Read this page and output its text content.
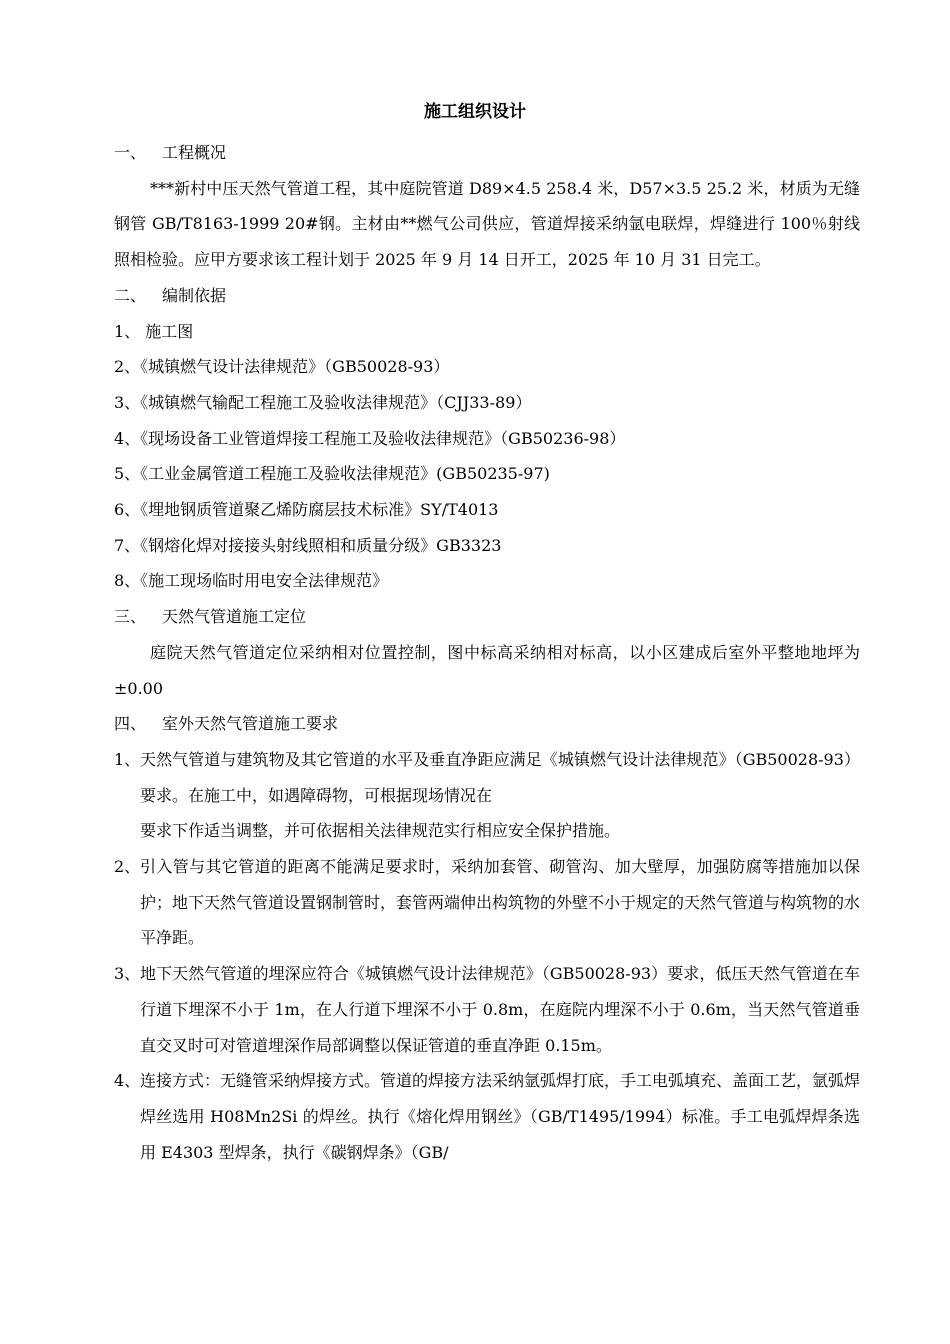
施工组织设计
一、 工程概况
***新村中压天然气管道工程，其中庭院管道 D89×4.5 258.4 米，D57×3.5 25.2 米，材质为无缝钢管 GB/T8163-1999 20#钢。主材由**燃气公司供应，管道焊接采纳氩电联焊，焊缝进行 100％射线照相检验。应甲方要求该工程计划于 2025 年 9 月 14 日开工，2025 年 10 月 31 日完工。
二、 编制依据
1、 施工图
2、《城镇燃气设计法律规范》（GB50028-93）
3、《城镇燃气输配工程施工及验收法律规范》（CJJ33-89）
4、《现场设备工业管道焊接工程施工及验收法律规范》（GB50236-98）
5、《工业金属管道工程施工及验收法律规范》(GB50235-97)
6、《埋地钢质管道聚乙烯防腐层技术标准》SY/T4013
7、《钢熔化焊对接接头射线照相和质量分级》GB3323
8、《施工现场临时用电安全法律规范》
三、 天然气管道施工定位
庭院天然气管道定位采纳相对位置控制，图中标高采纳相对标高，以小区建成后室外平整地地坪为±0.00
四、 室外天然气管道施工要求
1、 天然气管道与建筑物及其它管道的水平及垂直净距应满足《城镇燃气设计法律规范》（GB50028-93）要求。在施工中，如遇障碍物，可根据现场情况在
要求下作适当调整，并可依据相关法律规范实行相应安全保护措施。
2、 引入管与其它管道的距离不能满足要求时，采纳加套管、砌管沟、加大壁厚，加强防腐等措施加以保护；地下天然气管道设置钢制管时，套管两端伸出构筑物的外壁不小于规定的天然气管道与构筑物的水平净距。
3、 地下天然气管道的埋深应符合《城镇燃气设计法律规范》（GB50028-93）要求，低压天然气管道在车行道下埋深不小于 1m，在人行道下埋深不小于 0.8m，在庭院内埋深不小于 0.6m，当天然气管道垂直交叉时可对管道埋深作局部调整以保证管道的垂直净距 0.15m。
4、 连接方式：无缝管采纳焊接方式。管道的焊接方法采纳氩弧焊打底，手工电弧填充、盖面工艺，氩弧焊焊丝选用 H08Mn2Si 的焊丝。执行《熔化焊用钢丝》（GB/T1495/1994）标准。手工电弧焊焊条选用 E4303 型焊条，执行《碳钢焊条》（GB/
